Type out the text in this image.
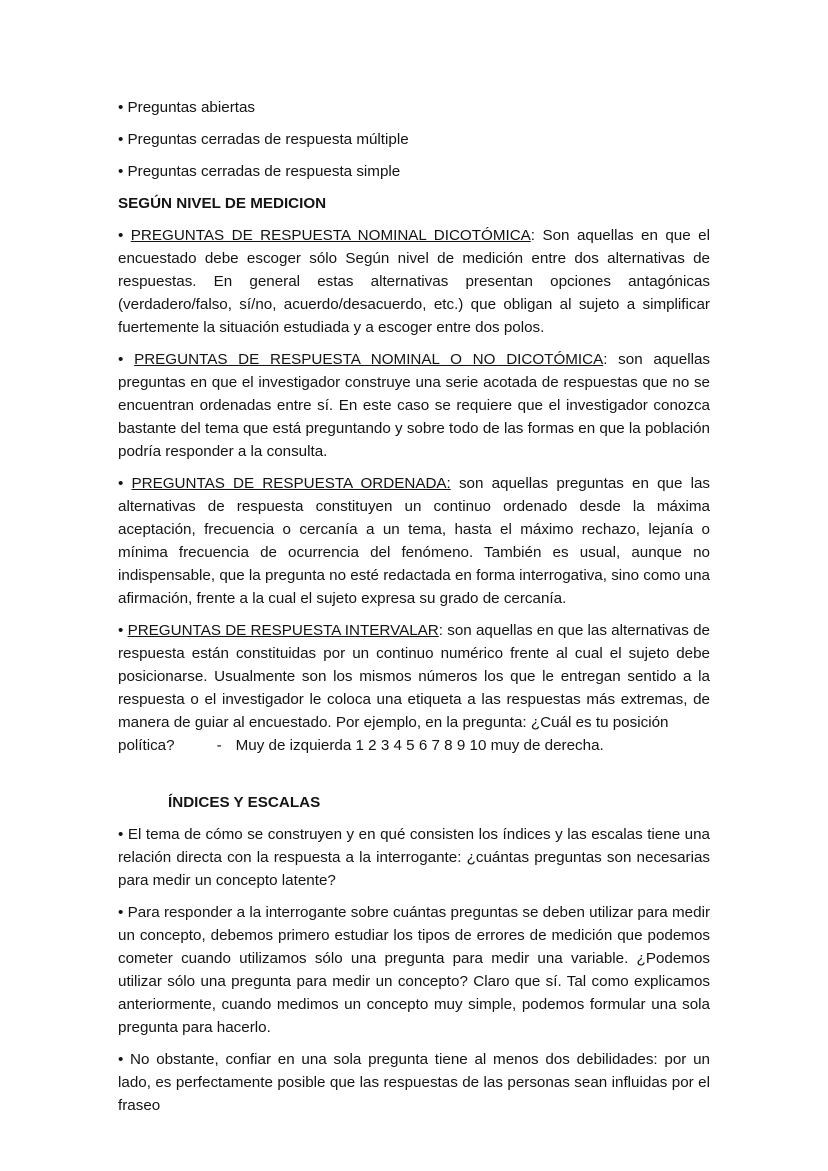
• Preguntas abiertas
• Preguntas cerradas de respuesta múltiple
• Preguntas cerradas de respuesta simple
SEGÚN NIVEL DE MEDICION

• PREGUNTAS DE RESPUESTA NOMINAL DICOTÓMICA: Son aquellas en que el encuestado debe escoger sólo Según nivel de medición entre dos alternativas de respuestas. En general estas alternativas presentan opciones antagónicas (verdadero/falso, sí/no, acuerdo/desacuerdo, etc.) que obligan al sujeto a simplificar fuertemente la situación estudiada y a escoger entre dos polos.

• PREGUNTAS DE RESPUESTA NOMINAL O NO DICOTÓMICA: son aquellas preguntas en que el investigador construye una serie acotada de respuestas que no se encuentran ordenadas entre sí. En este caso se requiere que el investigador conozca bastante del tema que está preguntando y sobre todo de las formas en que la población podría responder a la consulta.

• PREGUNTAS DE RESPUESTA ORDENADA: son aquellas preguntas en que las alternativas de respuesta constituyen un continuo ordenado desde la máxima aceptación, frecuencia o cercanía a un tema, hasta el máximo rechazo, lejanía o mínima frecuencia de ocurrencia del fenómeno. También es usual, aunque no indispensable, que la pregunta no esté redactada en forma interrogativa, sino como una afirmación, frente a la cual el sujeto expresa su grado de cercanía.

• PREGUNTAS DE RESPUESTA INTERVALAR: son aquellas en que las alternativas de respuesta están constituidas por un continuo numérico frente al cual el sujeto debe posicionarse. Usualmente son los mismos números los que le entregan sentido a la respuesta o el investigador le coloca una etiqueta a las respuestas más extremas, de manera de guiar al encuestado. Por ejemplo, en la pregunta: ¿Cuál es tu posición

política?	- Muy de izquierda 1 2 3 4 5 6 7 8 9 10 muy de derecha.
ÍNDICES Y ESCALAS

• El tema de cómo se construyen y en qué consisten los índices y las escalas tiene una relación directa con la respuesta a la interrogante: ¿cuántas preguntas son necesarias para medir un concepto latente?

• Para responder a la interrogante sobre cuántas preguntas se deben utilizar para medir un concepto, debemos primero estudiar los tipos de errores de medición que podemos cometer cuando utilizamos sólo una pregunta para medir una variable. ¿Podemos utilizar sólo una pregunta para medir un concepto? Claro que sí. Tal como explicamos anteriormente, cuando medimos un concepto muy simple, podemos formular una sola pregunta para hacerlo.

• No obstante, confiar en una sola pregunta tiene al menos dos debilidades: por un lado, es perfectamente posible que las respuestas de las personas sean influidas por el fraseo
